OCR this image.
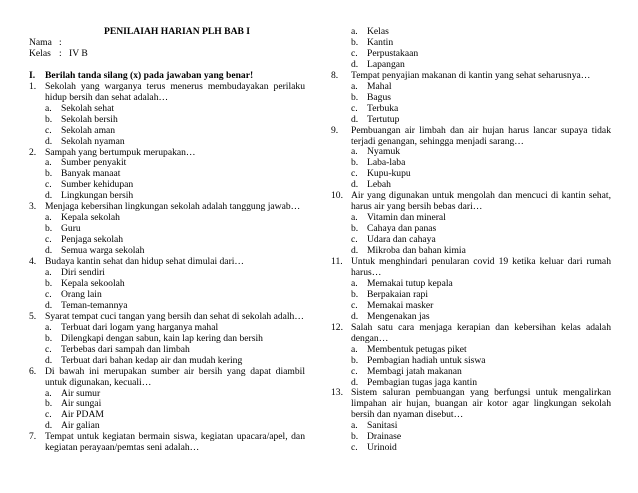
PENILAIAH HARIAN PLH BAB I
Nama :
Kelas : IV B
I.	Berilah tanda silang (x) pada jawaban yang benar!
1. Sekolah yang warganya terus menerus membudayakan perilaku hidup bersih dan sehat adalah…
a. Sekolah sehat
b. Sekolah bersih
c. Sekolah aman
d. Sekolah nyaman
2. Sampah yang bertumpuk merupakan…
a. Sumber penyakit
b. Banyak manaat
c. Sumber kehidupan
d. Lingkungan bersih
3. Menjaga kebersihan lingkungan sekolah adalah tanggung jawab…
a. Kepala sekolah
b. Guru
c. Penjaga sekolah
d. Semua warga sekolah
4. Budaya kantin sehat dan hidup sehat dimulai dari…
a. Diri sendiri
b. Kepala sekoolah
c. Orang lain
d. Teman-temannya
5. Syarat tempat cuci tangan yang bersih dan sehat di sekolah adalh…
a. Terbuat dari logam yang harganya mahal
b. Dilengkapi dengan sabun, kain lap kering dan bersih
c. Terbebas dari sampah dan limbah
d. Terbuat dari bahan kedap air dan mudah kering
6. Di bawah ini merupakan sumber air bersih yang dapat diambil untuk digunakan, kecuali…
a. Air sumur
b. Air sungai
c. Air PDAM
d. Air galian
7. Tempat untuk kegiatan bermain siswa, kegiatan upacara/apel, dan kegiatan perayaan/pemtas seni adalah…
a. Kelas
b. Kantin
c. Perpustakaan
d. Lapangan
8.	Tempat penyajian makanan di kantin yang sehat seharusnya…
a. Mahal
b. Bagus
c. Terbuka
d. Tertutup
9.	Pembuangan air limbah dan air hujan harus lancar supaya tidak terjadi genangan, sehingga menjadi sarang…
a. Nyamuk
b. Laba-laba
c. Kupu-kupu
d. Lebah
10. Air yang digunakan untuk mengolah dan mencuci di kantin sehat, harus air yang bersih bebas dari…
a. Vitamin dan mineral
b. Cahaya dan panas
c. Udara dan cahaya
d. Mikroba dan bahan kimia
11. Untuk menghindari penularan covid 19 ketika keluar dari rumah harus…
a. Memakai tutup kepala
b. Berpakaian rapi
c. Memakai masker
d. Mengenakan jas
12. Salah satu cara menjaga kerapian dan kebersihan kelas adalah dengan…
a. Membentuk petugas piket
b. Pembagian hadiah untuk siswa
c. Membagi jatah makanan
d. Pembagian tugas jaga kantin
13. Sistem saluran pembuangan yang berfungsi untuk mengalirkan limpahan air hujan, buangan air kotor agar lingkungan sekolah bersih dan nyaman disebut…
a. Sanitasi
b. Drainase
c. Urinoid
